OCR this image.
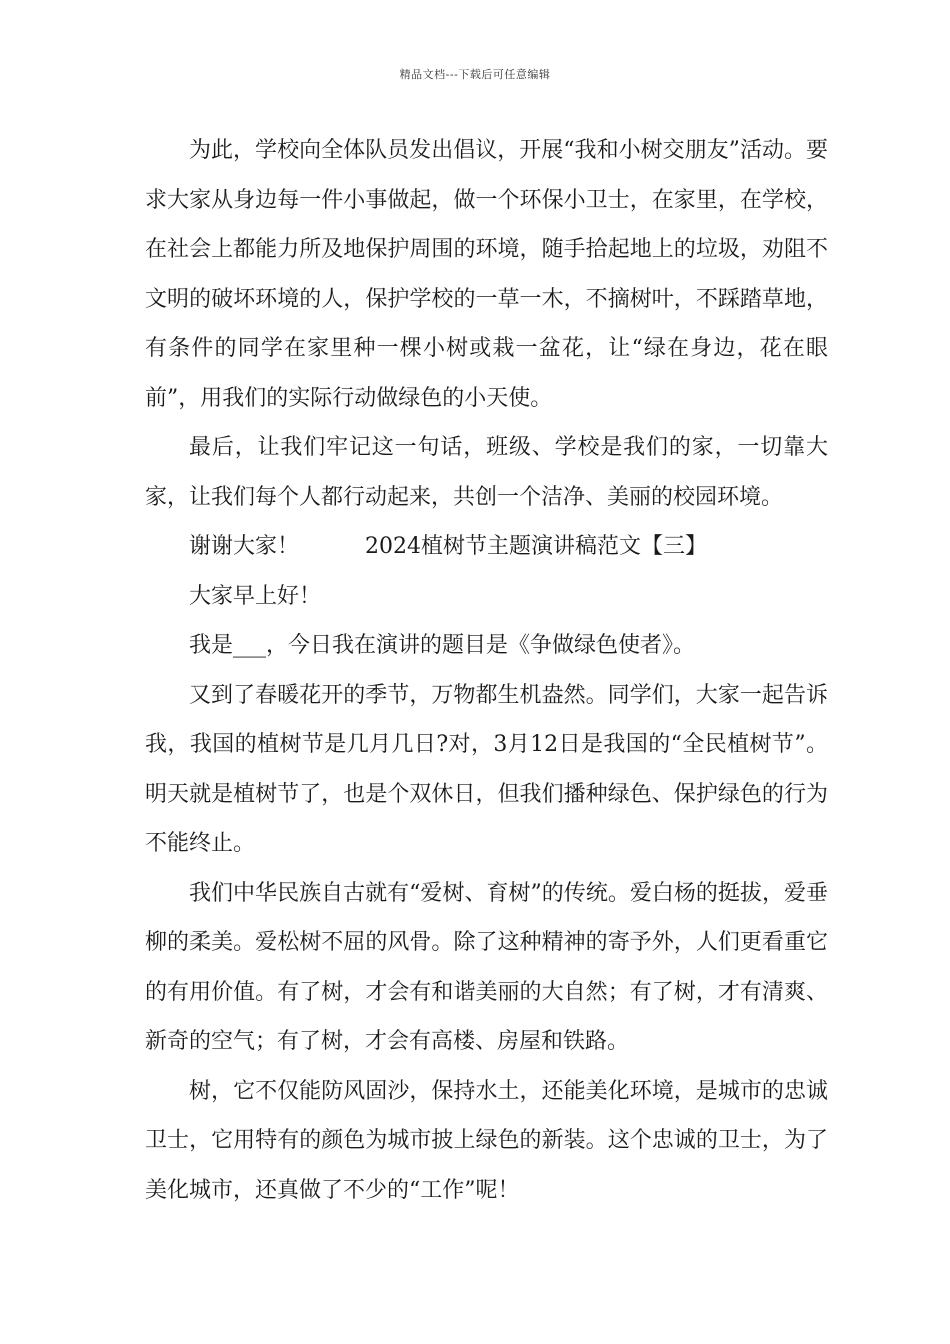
精品文档---下载后可任意编辑

为此，学校向全体队员发出倡议，开展“我和小树交朋友”活动。要求大家从身边每一件小事做起，做一个环保小卫士，在家里，在学校，在社会上都能力所及地保护周围的环境，随手拾起地上的垃圾，劝阻不文明的破坏环境的人，保护学校的一草一木，不摘树叶，不踩踏草地，有条件的同学在家里种一棵小树或栽一盆花，让“绿在身边，花在眼前”，用我们的实际行动做绿色的小天使。

最后，让我们牢记这一句话，班级、学校是我们的家，一切靠大家，让我们每个人都行动起来，共创一个洁净、美丽的校园环境。

谢谢大家！	2024植树节主题演讲稿范文【三】

大家早上好！

我是___，今日我在演讲的题目是《争做绿色使者》。

又到了春暖花开的季节，万物都生机盎然。同学们，大家一起告诉我，我国的植树节是几月几日?对，3月12日是我国的“全民植树节”。明天就是植树节了，也是个双休日，但我们播种绿色、保护绿色的行为不能终止。

我们中华民族自古就有“爱树、育树”的传统。爱白杨的挺拔，爱垂柳的柔美。爱松树不屈的风骨。除了这种精神的寄予外，人们更看重它的有用价值。有了树，才会有和谐美丽的大自然；有了树，才有清爽、新奇的空气；有了树，才会有高楼、房屋和铁路。

树，它不仅能防风固沙，保持水土，还能美化环境，是城市的忠诚卫士，它用特有的颜色为城市披上绿色的新装。这个忠诚的卫士，为了美化城市，还真做了不少的“工作”呢！
